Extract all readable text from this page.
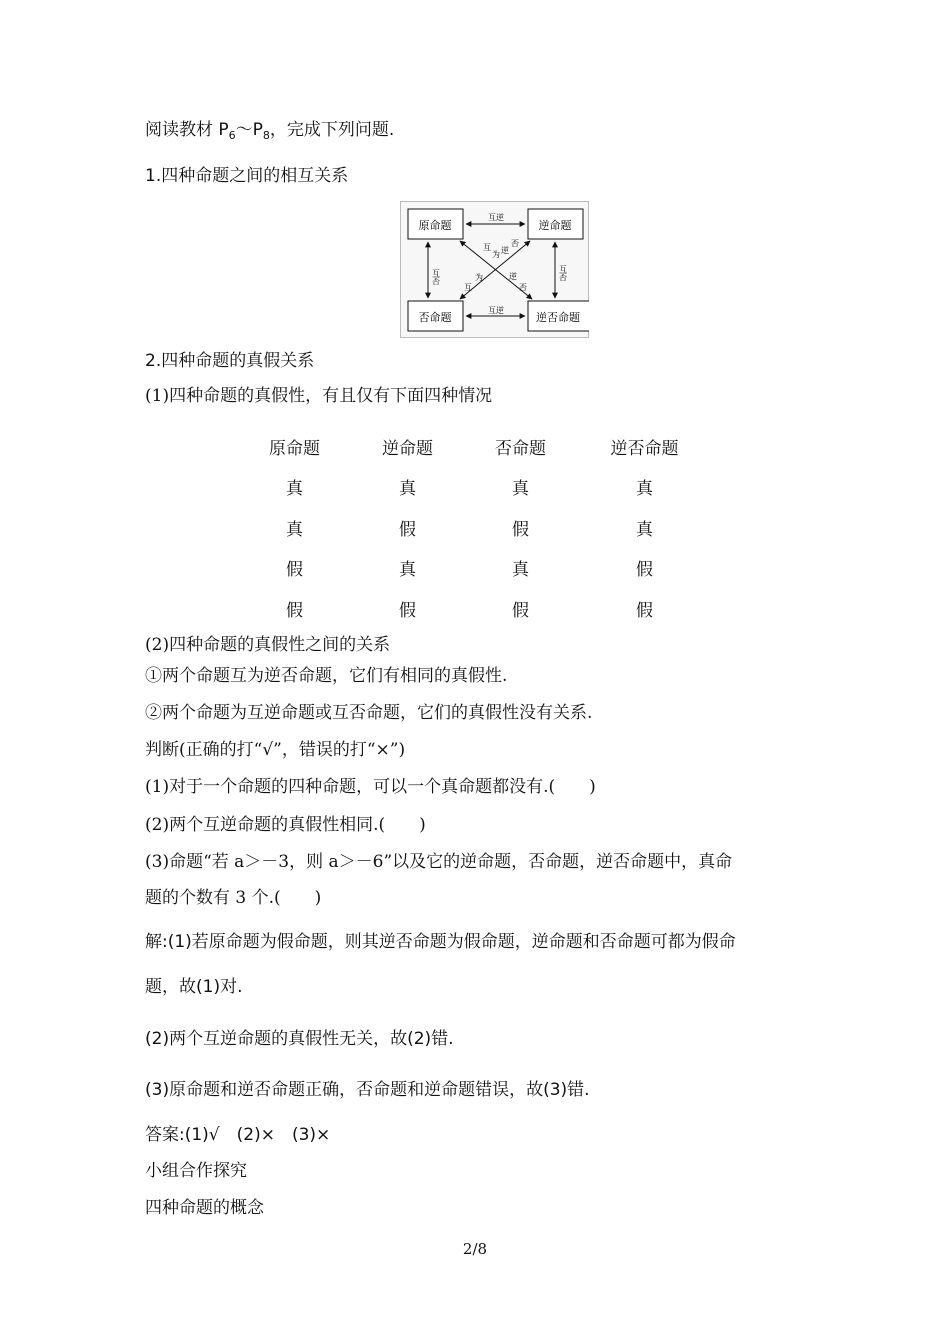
阅读教材 $P_6\sim P_8$，完成下列问题.
1.四种命题之间的相互关系
原命题	逆命题
否命题	逆否命题
互逆
互逆
互否	互否
互
为 逆
否
互
为	逆
否
2.四种命题的真假关系
(1)四种命题的真假性，有且仅有下面四种情况
原命题	逆命题	否命题	逆否命题
真	真	真	真
真	假	假	真
假	真	真	假
假	假	假	假
(2)四种命题的真假性之间的关系
①两个命题互为逆否命题，它们有相同的真假性.
②两个命题为互逆命题或互否命题，它们的真假性没有关系.
判断(正确的打“√”，错误的打“×”)
(1)对于一个命题的四种命题，可以一个真命题都没有.(　　)
(2)两个互逆命题的真假性相同.(　　)
(3)命题“若 a＞－3，则 a＞－6”以及它的逆命题，否命题，逆否命题中，真命
题的个数有 3 个.(　　)
解:(1)若原命题为假命题，则其逆否命题为假命题，逆命题和否命题可都为假命
题，故(1)对.
(2)两个互逆命题的真假性无关，故(2)错.
(3)原命题和逆否命题正确，否命题和逆命题错误，故(3)错.
答案:(1)√　(2)×　(3)×
小组合作探究
四种命题的概念
2/8
